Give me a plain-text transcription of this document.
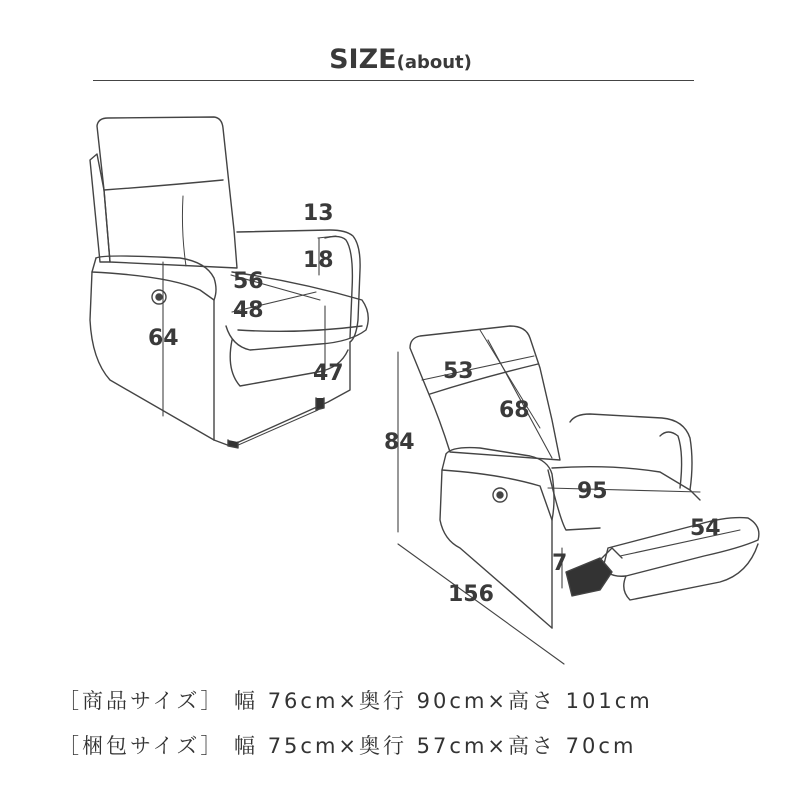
SIZE(about)
13
18
56
48
64
47	53
68
84
95
54
7
156
［商品サイズ］ 幅 76cm×奥行 90cm×高さ 101cm
［梱包サイズ］ 幅 75cm×奥行 57cm×高さ 70cm
